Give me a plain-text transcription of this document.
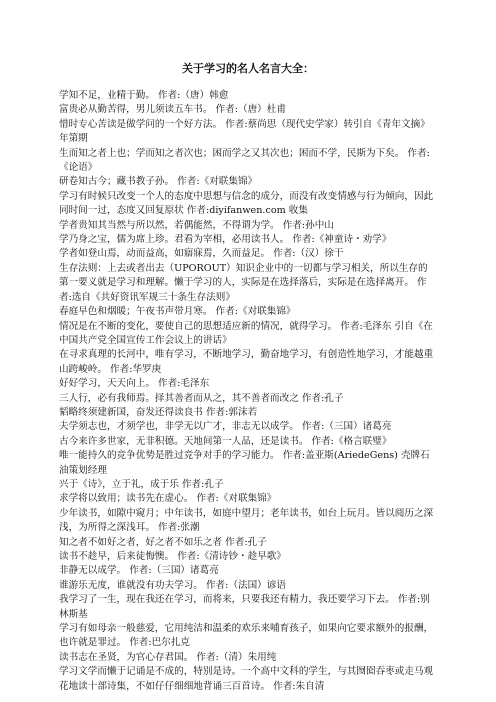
关于学习的名人名言大全：

学知不足，业精于勤。 作者:（唐）韩愈

富贵必从勤苦得，男儿须读五车书。 作者:（唐）杜甫

惜时专心苦读是做学问的一个好方法。 作者:蔡尚思（现代史学家）转引自《青年文摘》年第期

生而知之者上也；学而知之者次也；困而学之又其次也；困而不学，民斯为下矣。 作者:《论语》

研卷知古今；藏书教子孙。 作者:《对联集锦》

学习有时候只改变一个人的态度中思想与信念的成分，而没有改变情感与行为倾向，因此同时间一过，态度又回复原状 作者:diyifanwen.com 收集

学者贵知其当然与所以然，若偶能然，不得谓为学。 作者:孙中山

学乃身之宝，儒为席上珍。君看为宰相，必用读书人。 作者:《神童诗・劝学》

学者如登山焉，动而益高，如寤寐焉，久而益足。 作者:（汉）徐干

生存法则：上去或者出去（UPOROUT）知识企业中的一切都与学习相关，所以生存的第一要义就是学习和理解。懒于学习的人，实际是在选择落后，实际是在选择离开。 作者:选自《共好资讯军规三十条生存法则》

春庭早色和烟暖；午夜书声带月寒。 作者:《对联集锦》

情况是在不断的变化，要使自己的思想适应新的情况，就得学习。 作者:毛泽东 引自《在中国共产党全国宣传工作会议上的讲话》

在寻求真理的长河中，唯有学习，不断地学习，勤奋地学习，有创造性地学习，才能越重山跨峻岭。 作者:华罗庚

好好学习，天天向上。 作者:毛泽东

三人行，必有我师焉。择其善者而从之，其不善者而改之 作者:孔子

韬略终须建新国，奋发还得读良书 作者:郭沫若

夫学须志也，才须学也，非学无以广才，非志无以成学。 作者:（三国）诸葛亮

古今来许多世家，无非积德。天地间第一人品，还是读书。 作者:《格言联璧》

唯一能持久的竞争优势是胜过竞争对手的学习能力。 作者:盖亚斯(AriedeGens) 壳牌石油策划经理

兴于《诗》，立于礼，成于乐 作者:孔子

求学将以致用；读书先在虚心。 作者:《对联集锦》

少年读书，如隙中窥月；中年读书，如庭中望月；老年读书，如台上玩月。皆以阅历之深浅，为所得之深浅耳。 作者:张潮

知之者不如好之者，好之者不如乐之者 作者:孔子

读书不趁早，后来徒悔懊。 作者:《清诗钞・趁早歌》

非静无以成学。 作者:（三国）诸葛亮

谁游乐无度，谁就没有功夫学习。 作者:（法国）谚语

我学习了一生，现在我还在学习，而将来，只要我还有精力，我还要学习下去。 作者:别林斯基

学习有如母亲一般慈爱，它用纯洁和温柔的欢乐来哺育孩子，如果向它要求额外的报酬，也许就是罪过。 作者:巴尔扎克

读书志在圣贤，为官心存君国。 作者:（清）朱用纯

学习文学而懒于记诵是不成的，特别是诗。一个高中文科的学生，与其囫囵吞枣或走马观花地读十部诗集，不如仔仔细细地背诵三百首诗。 作者:朱自清
